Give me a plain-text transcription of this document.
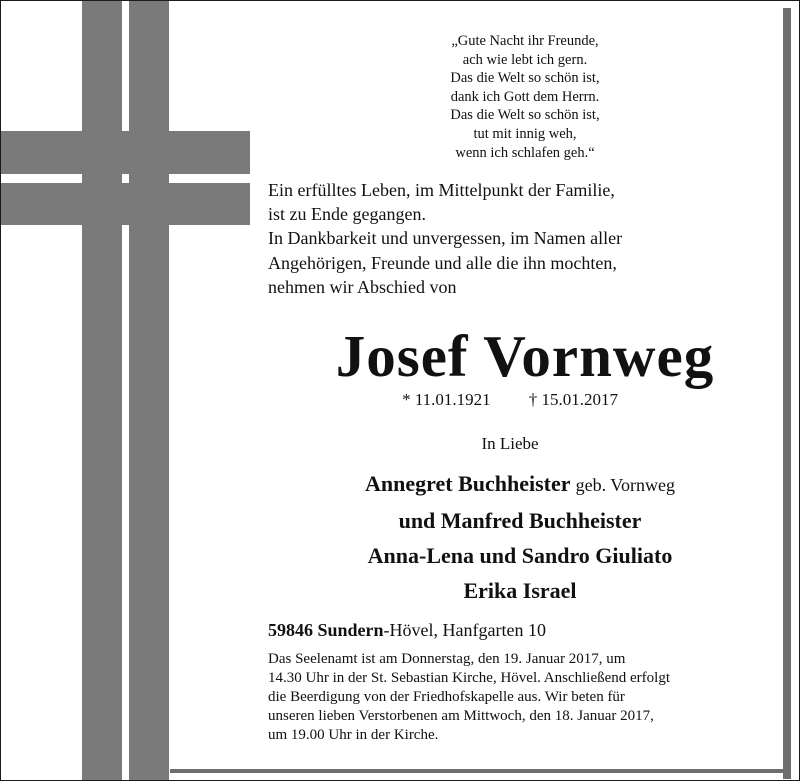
„Gute Nacht ihr Freunde,
ach wie lebt ich gern.
Das die Welt so schön ist,
dank ich Gott dem Herrn.
Das die Welt so schön ist,
tut mit innig weh,
wenn ich schlafen geh.“
Ein erfülltes Leben, im Mittelpunkt der Familie,
ist zu Ende gegangen.
In Dankbarkeit und unvergessen, im Namen aller
Angehörigen, Freunde und alle die ihn mochten,
nehmen wir Abschied von
Josef Vornweg
* 11.01.1921 † 15.01.2017
In Liebe
Annegret Buchheister geb. Vornweg
und Manfred Buchheister
Anna-Lena und Sandro Giuliato
Erika Israel
59846 Sundern-Hövel, Hanfgarten 10
Das Seelenamt ist am Donnerstag, den 19. Januar 2017, um
14.30 Uhr in der St. Sebastian Kirche, Hövel. Anschließend erfolgt
die Beerdigung von der Friedhofskapelle aus. Wir beten für
unseren lieben Verstorbenen am Mittwoch, den 18. Januar 2017,
um 19.00 Uhr in der Kirche.
